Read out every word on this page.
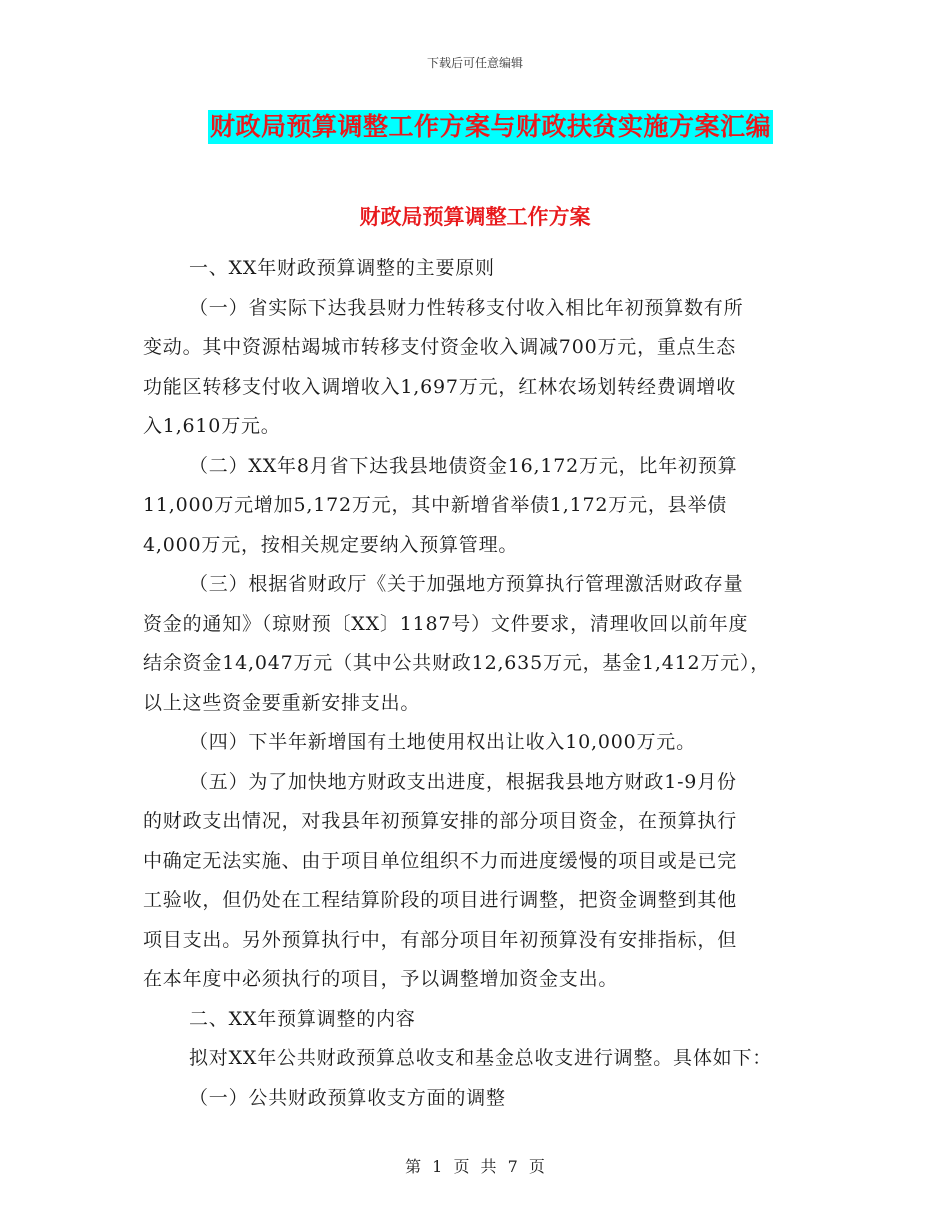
下载后可任意编辑
财政局预算调整工作方案与财政扶贫实施方案汇编
财政局预算调整工作方案
一、XX年财政预算调整的主要原则
（一）省实际下达我县财力性转移支付收入相比年初预算数有所
变动。其中资源枯竭城市转移支付资金收入调减700万元，重点生态
功能区转移支付收入调增收入1,697万元，红林农场划转经费调增收
入1,610万元。
（二）XX年8月省下达我县地债资金16,172万元，比年初预算
11,000万元增加5,172万元，其中新增省举债1,172万元，县举债
4,000万元，按相关规定要纳入预算管理。
（三）根据省财政厅《关于加强地方预算执行管理激活财政存量
资金的通知》（琼财预〔XX〕1187号）文件要求，清理收回以前年度
结余资金14,047万元（其中公共财政12,635万元，基金1,412万元），
以上这些资金要重新安排支出。
（四）下半年新增国有土地使用权出让收入10,000万元。
（五）为了加快地方财政支出进度，根据我县地方财政1-9月份
的财政支出情况，对我县年初预算安排的部分项目资金，在预算执行
中确定无法实施、由于项目单位组织不力而进度缓慢的项目或是已完
工验收，但仍处在工程结算阶段的项目进行调整，把资金调整到其他
项目支出。另外预算执行中，有部分项目年初预算没有安排指标，但
在本年度中必须执行的项目，予以调整增加资金支出。
二、XX年预算调整的内容
拟对XX年公共财政预算总收支和基金总收支进行调整。具体如下：
（一）公共财政预算收支方面的调整
第 1 页 共 7 页
